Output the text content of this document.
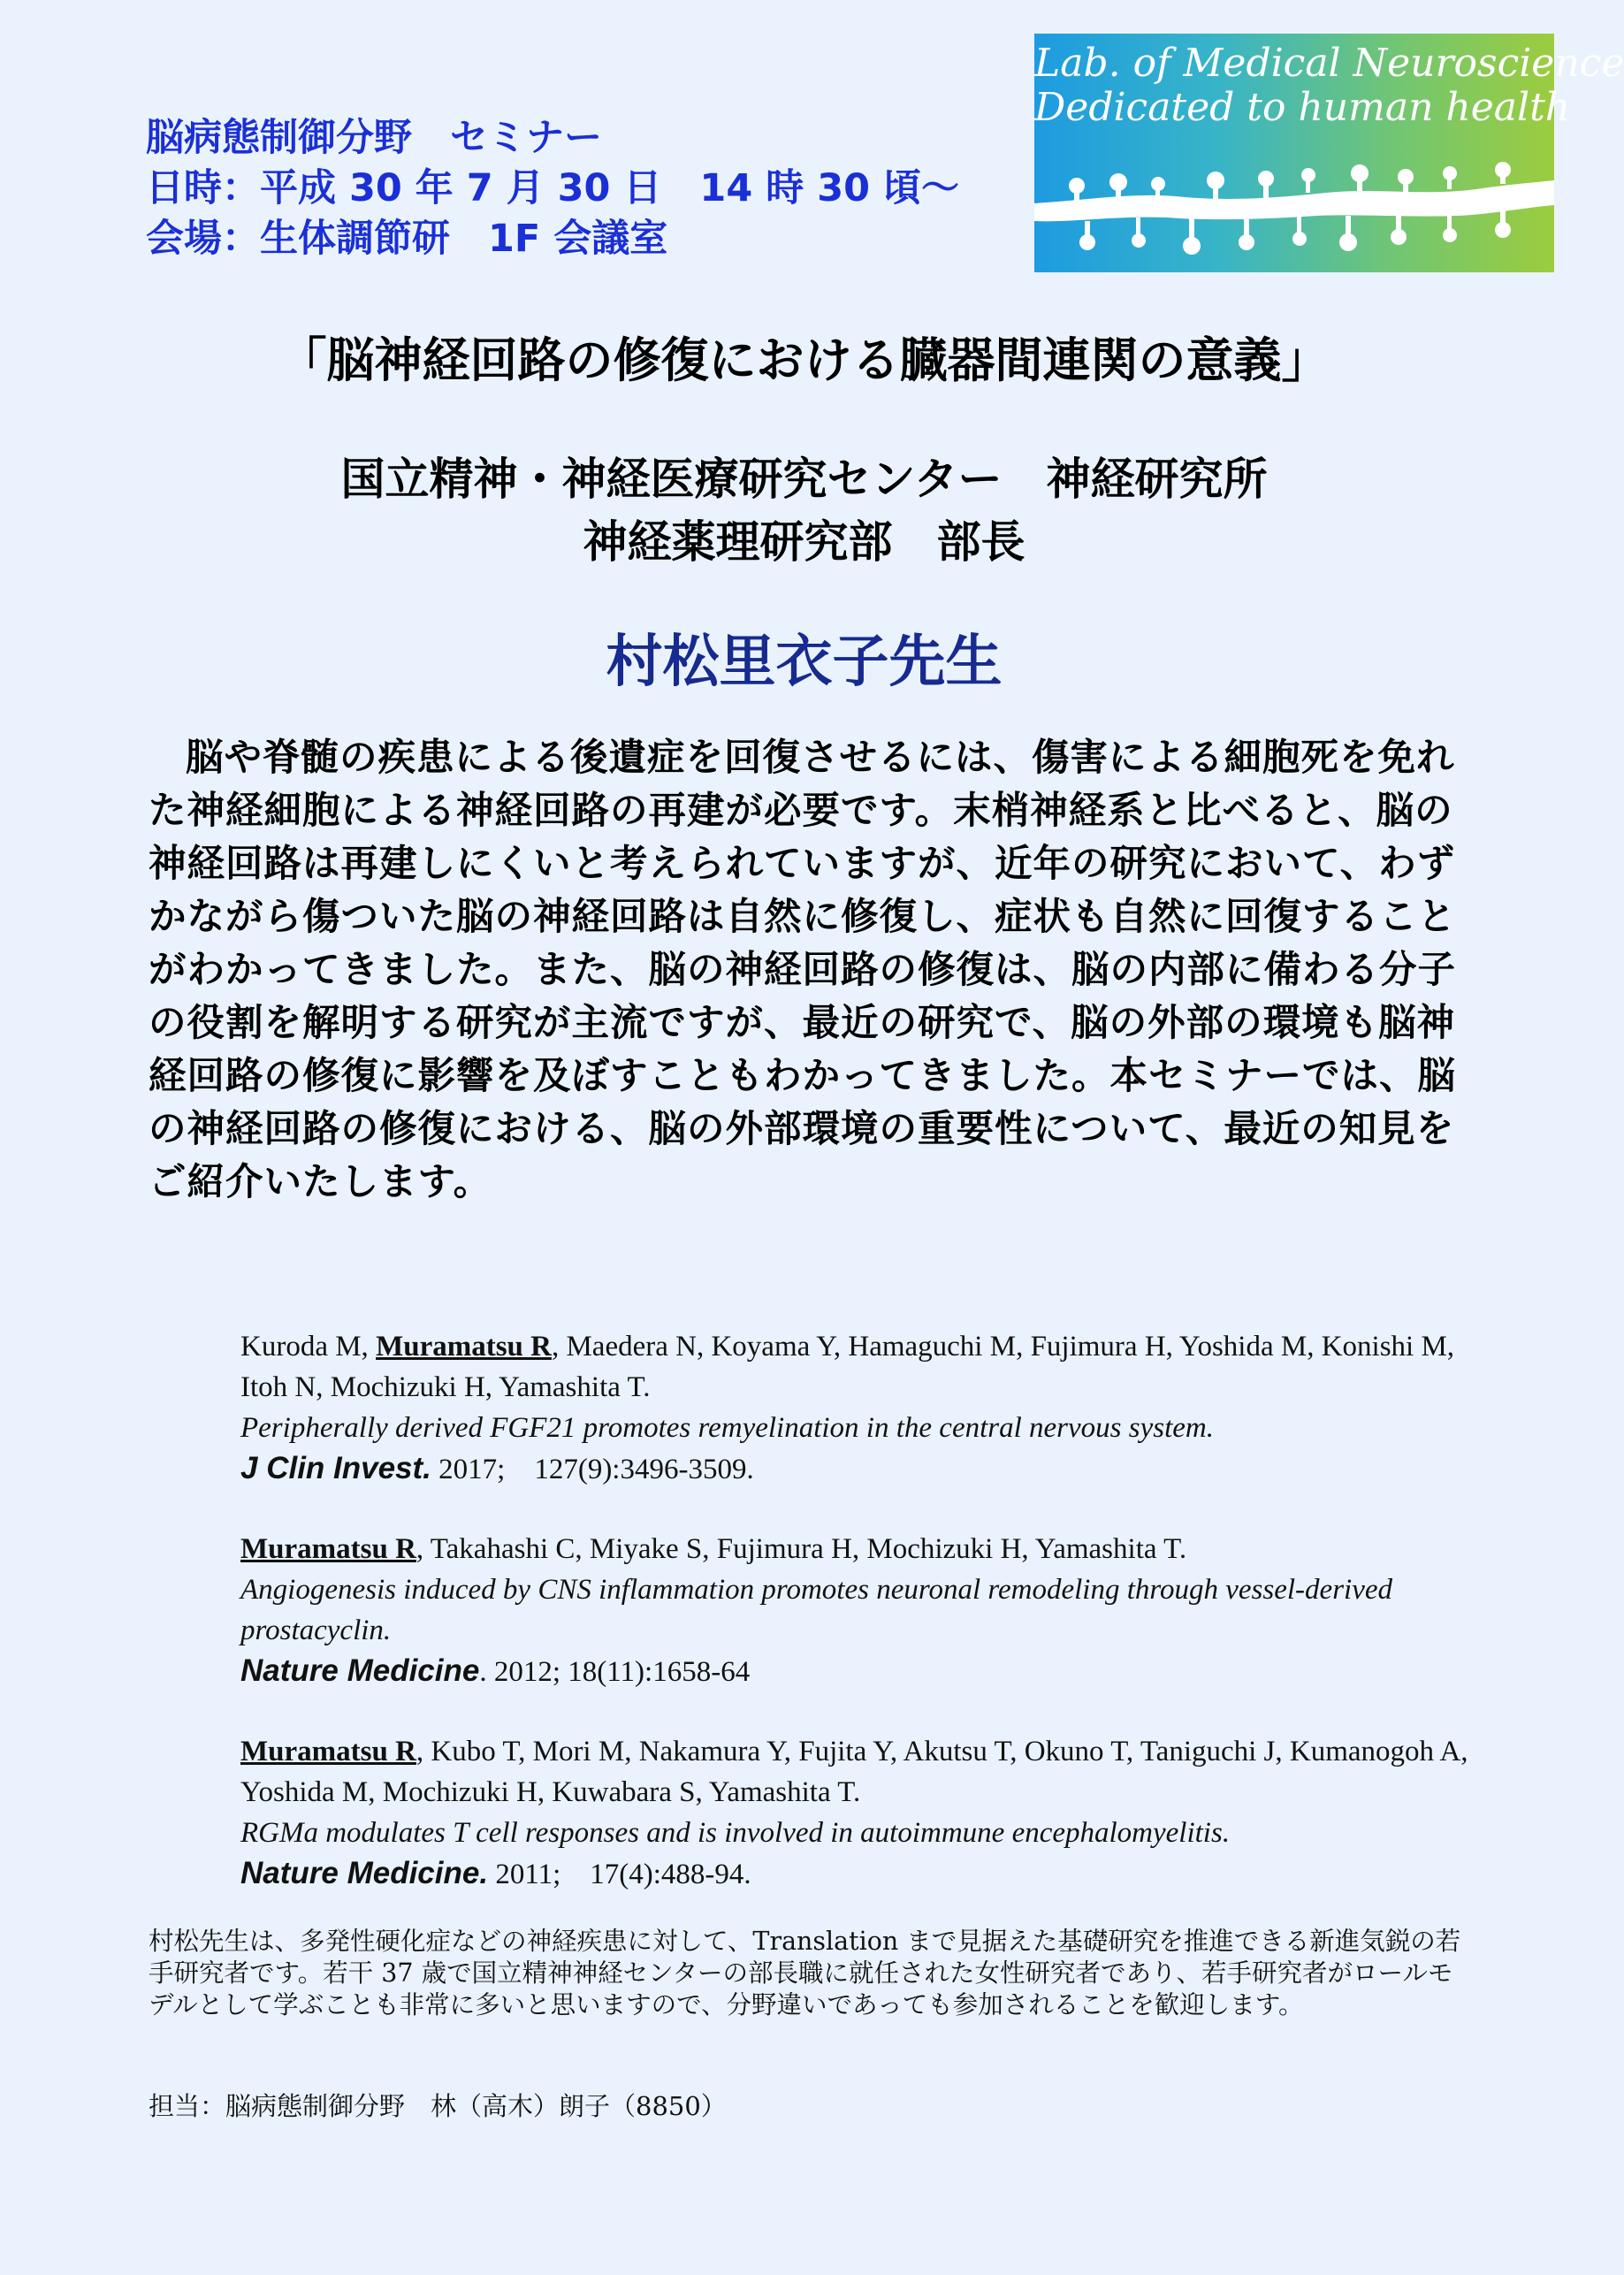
脳病態制御分野　セミナー
日時：平成 30 年 7 月 30 日　14 時 30 頃～
会場：生体調節研　1F 会議室
Lab. of Medical Neuroscience
Dedicated to human health
「脳神経回路の修復における臓器間連関の意義」
国立精神・神経医療研究センター　神経研究所
神経薬理研究部　部長
村松里衣子先生
脳や脊髄の疾患による後遺症を回復させるには、傷害による細胞死を免れた神経細胞による神経回路の再建が必要です。末梢神経系と比べると、脳の神経回路は再建しにくいと考えられていますが、近年の研究において、わずかながら傷ついた脳の神経回路は自然に修復し、症状も自然に回復することがわかってきました。また、脳の神経回路の修復は、脳の内部に備わる分子の役割を解明する研究が主流ですが、最近の研究で、脳の外部の環境も脳神経回路の修復に影響を及ぼすこともわかってきました。本セミナーでは、脳の神経回路の修復における、脳の外部環境の重要性について、最近の知見をご紹介いたします。
Kuroda M, Muramatsu R, Maedera N, Koyama Y, Hamaguchi M, Fujimura H, Yoshida M, Konishi M, Itoh N, Mochizuki H, Yamashita T.
Peripherally derived FGF21 promotes remyelination in the central nervous system.
J Clin Invest. 2017;　127(9):3496-3509.
Muramatsu R, Takahashi C, Miyake S, Fujimura H, Mochizuki H, Yamashita T.
Angiogenesis induced by CNS inflammation promotes neuronal remodeling through vessel-derived prostacyclin.
Nature Medicine. 2012; 18(11):1658-64
Muramatsu R, Kubo T, Mori M, Nakamura Y, Fujita Y, Akutsu T, Okuno T, Taniguchi J, Kumanogoh A, Yoshida M, Mochizuki H, Kuwabara S, Yamashita T.
RGMa modulates T cell responses and is involved in autoimmune encephalomyelitis.
Nature Medicine. 2011;　17(4):488-94.
村松先生は、多発性硬化症などの神経疾患に対して、Translation まで見据えた基礎研究を推進できる新進気鋭の若手研究者です。若干 37 歳で国立精神神経センターの部長職に就任された女性研究者であり、若手研究者がロールモデルとして学ぶことも非常に多いと思いますので、分野違いであっても参加されることを歓迎します。
担当：脳病態制御分野　林（高木）朗子（8850）
